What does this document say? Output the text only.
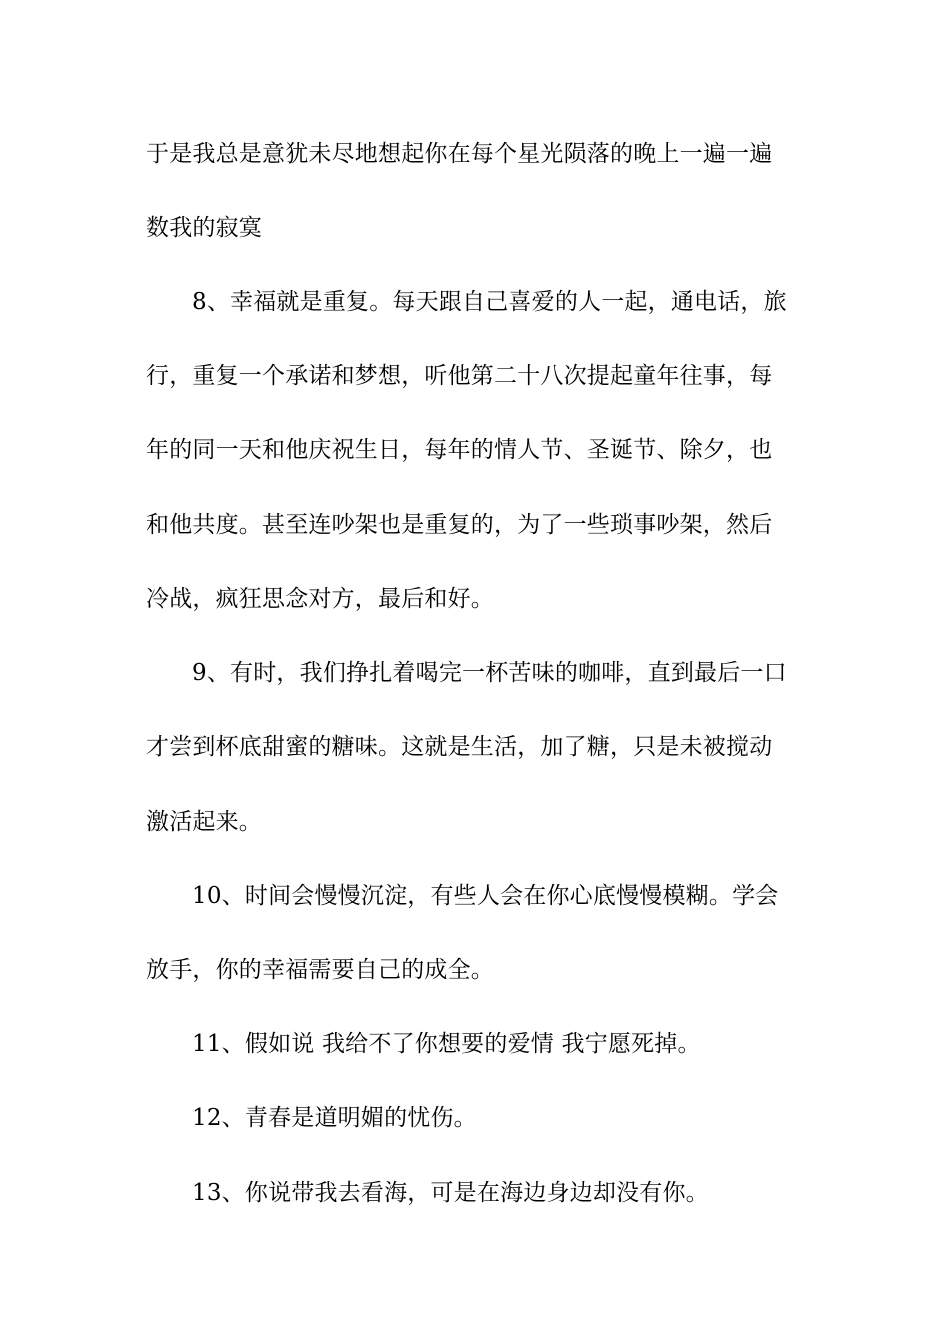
于是我总是意犹未尽地想起你在每个星光陨落的晚上一遍一遍
数我的寂寞
8、幸福就是重复。每天跟自己喜爱的人一起，通电话，旅
行，重复一个承诺和梦想，听他第二十八次提起童年往事，每
年的同一天和他庆祝生日，每年的情人节、圣诞节、除夕，也
和他共度。甚至连吵架也是重复的，为了一些琐事吵架，然后
冷战，疯狂思念对方，最后和好。
9、有时，我们挣扎着喝完一杯苦味的咖啡，直到最后一口
才尝到杯底甜蜜的糖味。这就是生活，加了糖，只是未被搅动
激活起来。
10、时间会慢慢沉淀，有些人会在你心底慢慢模糊。学会
放手，你的幸福需要自己的成全。
11、假如说 我给不了你想要的爱情 我宁愿死掉。
12、青春是道明媚的忧伤。
13、你说带我去看海，可是在海边身边却没有你。
